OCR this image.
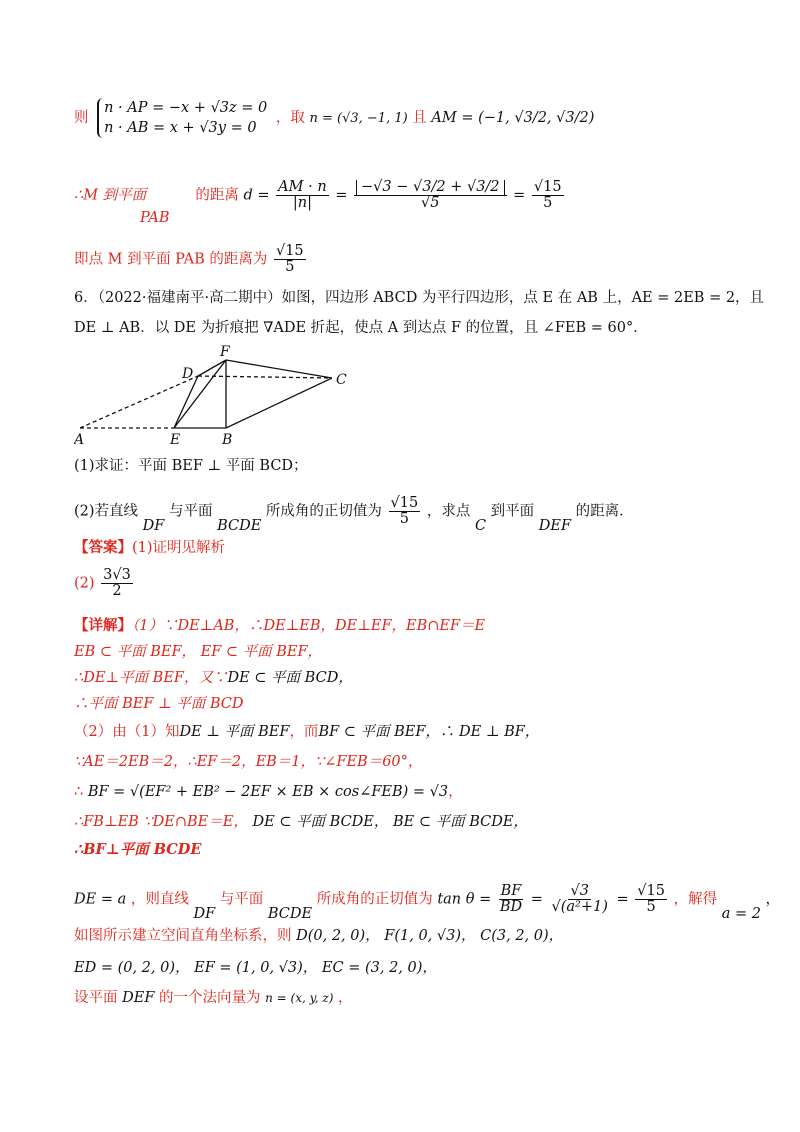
则
n · AP = −x + √3z = 0
n · AB = x + √3y = 0
，取 n = (√3, −1, 1) 且 AM = (−1, √3/2, √3/2)
∴M 到平面	的距离 $d = \frac{AM \cdot n}{|n|} = \frac{-√3 - √3/2 + √3/2}{√5} = \frac{√15}{5}$
PAB
即点 M 到平面 PAB 的距离为 $\frac{√15}{5}$
6．（2022·福建南平·高二期中）如图，四边形 ABCD 为平行四边形，点 E 在 AB 上，AE = 2EB = 2，且
DE ⊥ AB．以 DE 为折痕把 ∇ADE 折起，使点 A 到达点 F 的位置，且 ∠FEB = 60°．
A	E	B
C
D
F
(1)求证：平面 BEF ⊥ 平面 BCD；
(2)若直线 DF 与平面 BCDE 所成角的正切值为 $\frac{√15}{5}$ ，求点 C 到平面 DEF 的距离．
【答案】(1)证明见解析
$(2) \frac{3√3}{2}$
【详解】（1）∵DE⊥AB，∴DE⊥EB，DE⊥EF，EB∩EF＝E
EB ⊂ 平面 BEF， EF ⊂ 平面 BEF，
∴DE⊥平面 BEF，又∵DE ⊂ 平面 BCD，
∴平面 BEF ⊥ 平面 BCD
（2）由（1）知DE ⊥ 平面 BEF，而BF ⊂ 平面 BEF，∴ DE ⊥ BF，
∵AE＝2EB＝2，∴EF＝2，EB＝1，∵∠FEB＝60°，
∴ BF = √(EF² + EB² − 2EF × EB × cos∠FEB) = √3，
∴FB⊥EB ∵DE∩BE＝E， DE ⊂ 平面 BCDE， BE ⊂ 平面 BCDE，
∴BF⊥平面 BCDE
DE = a ，则直线 DF 与平面 BCDE 所成角的正切值为 $\tan \theta = \frac{BF}{BD} = \frac{√3}{\text{√(a²+1)}} = \frac{√15}{5}$ ，解得 a = 2 ，
如图所示建立空间直角坐标系，则 D(0, 2, 0)， F(1, 0, √3)， C(3, 2, 0)，
ED = (0, 2, 0)， EF = (1, 0, √3)， EC = (3, 2, 0)，
设平面 DEF 的一个法向量为 n = (x, y, z) ，
